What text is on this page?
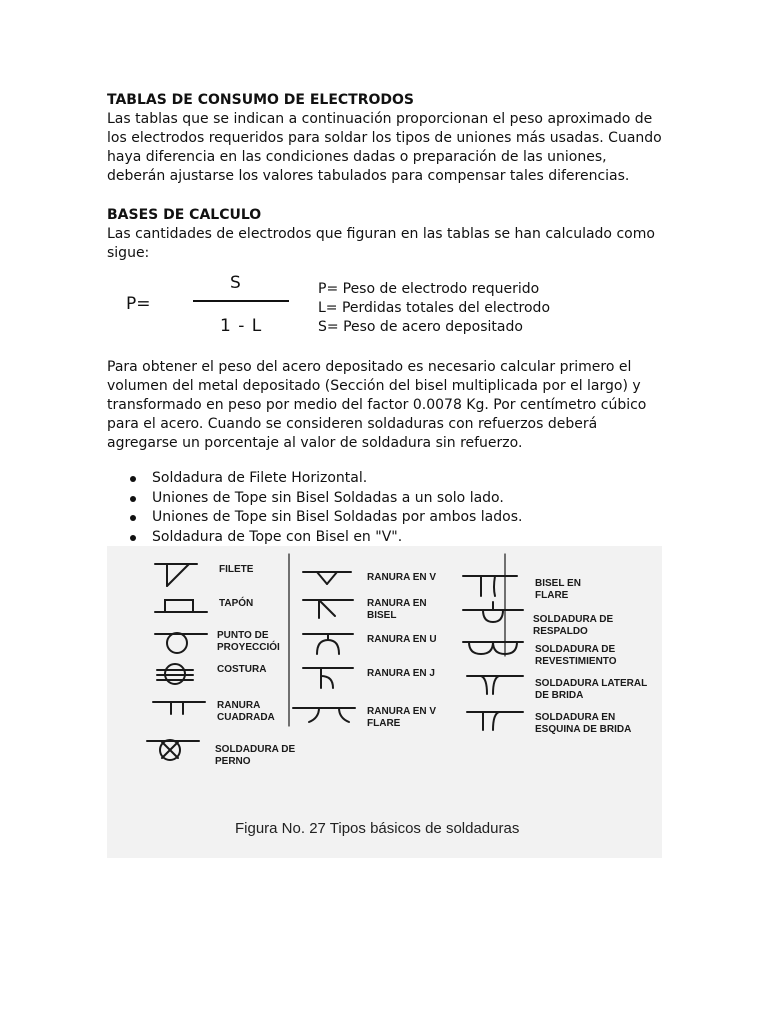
TABLAS DE CONSUMO DE ELECTRODOS
Las tablas que se indican a continuación proporcionan el peso aproximado de
los electrodos requeridos para soldar los tipos de uniones más usadas. Cuando
haya diferencia en las condiciones dadas o preparación de las uniones,
deberán ajustarse los valores tabulados para compensar tales diferencias.
BASES DE CALCULO
Las cantidades de electrodos que figuran en las tablas se han calculado como
sigue:
P=
S
1 - L
P= Peso de electrodo requerido
L= Perdidas totales del electrodo
S= Peso de acero depositado
Para obtener el peso del acero depositado es necesario calcular primero el
volumen del metal depositado (Sección del bisel multiplicada por el largo) y
transformado en peso por medio del factor 0.0078 Kg. Por centímetro cúbico
para el acero. Cuando se consideren soldaduras con refuerzos deberá
agregarse un porcentaje al valor de soldadura sin refuerzo.
Soldadura de Filete Horizontal.
Uniones de Tope sin Bisel Soldadas a un solo lado.
Uniones de Tope sin Bisel Soldadas por ambos lados.
Soldadura de Tope con Bisel en "V".
FILETE
TAPÓN
PUNTO DE
PROYECCIÓI
COSTURA
RANURA
CUADRADA
SOLDADURA DE
PERNO
RANURA EN V
RANURA EN
BISEL
RANURA EN U
RANURA EN J
RANURA EN V
FLARE
BISEL EN
FLARE
SOLDADURA DE
RESPALDO
SOLDADURA DE
REVESTIMIENTO
SOLDADURA LATERAL
DE BRIDA
SOLDADURA EN
ESQUINA DE BRIDA
Figura No. 27 Tipos básicos de soldaduras
